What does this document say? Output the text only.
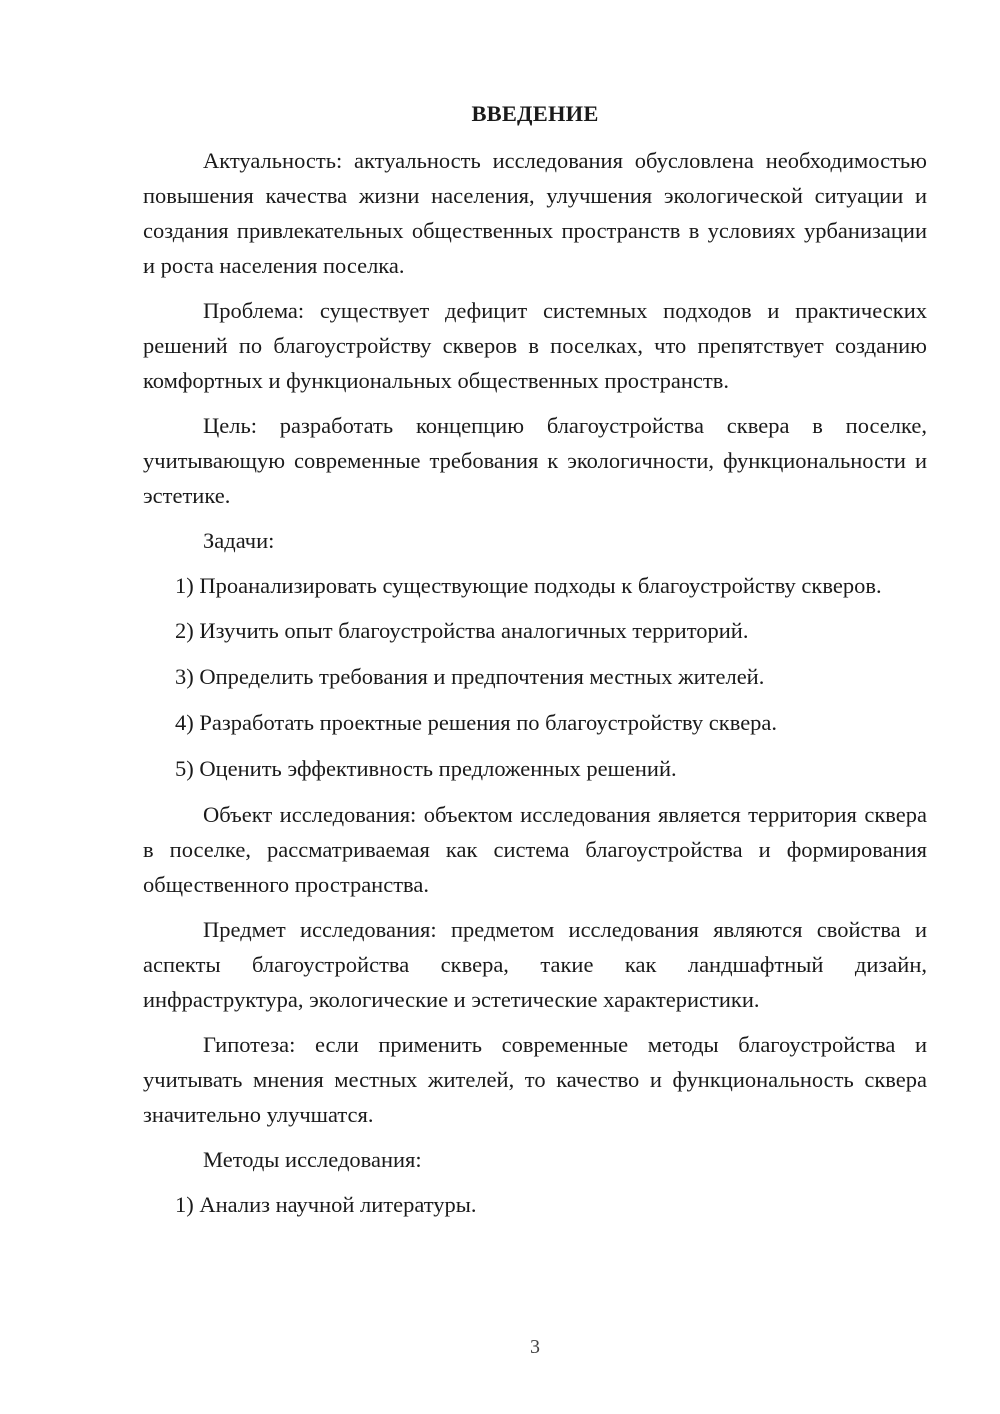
ВВЕДЕНИЕ

Актуальность: актуальность исследования обусловлена необходимостью повышения качества жизни населения, улучшения экологической ситуации и создания привлекательных общественных пространств в условиях урбанизации и роста населения поселка.

Проблема: существует дефицит системных подходов и практических решений по благоустройству скверов в поселках, что препятствует созданию комфортных и функциональных общественных пространств.

Цель: разработать концепцию благоустройства сквера в поселке, учитывающую современные требования к экологичности, функциональности и эстетике.

Задачи:

1) Проанализировать существующие подходы к благоустройству скверов.

2) Изучить опыт благоустройства аналогичных территорий.

3) Определить требования и предпочтения местных жителей.

4) Разработать проектные решения по благоустройству сквера.

5) Оценить эффективность предложенных решений.

Объект исследования: объектом исследования является территория сквера в поселке, рассматриваемая как система благоустройства и формирования общественного пространства.

Предмет исследования: предметом исследования являются свойства и аспекты благоустройства сквера, такие как ландшафтный дизайн, инфраструктура, экологические и эстетические характеристики.

Гипотеза: если применить современные методы благоустройства и учитывать мнения местных жителей, то качество и функциональность сквера значительно улучшатся.

Методы исследования:

1) Анализ научной литературы.

3
